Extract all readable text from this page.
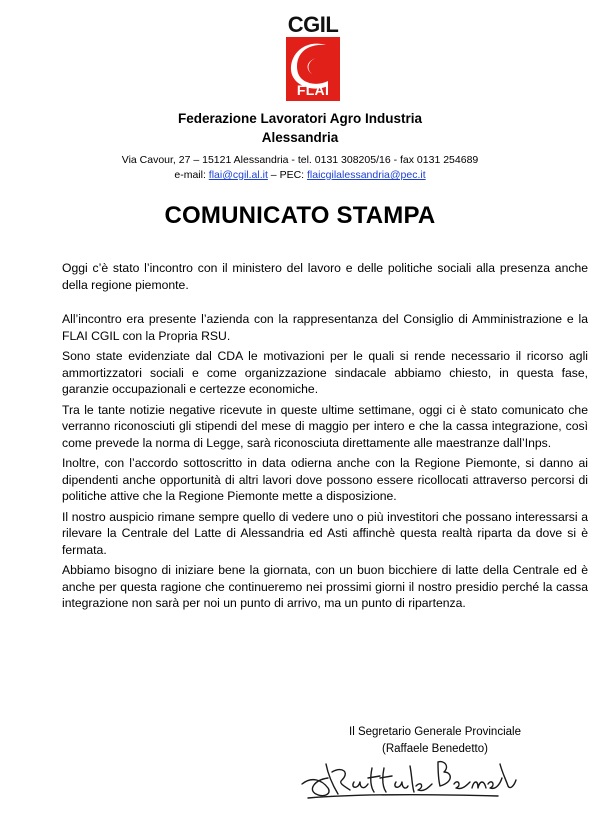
CGIL
FLAI
Federazione Lavoratori Agro Industria
Alessandria
Via Cavour, 27 – 15121 Alessandria - tel. 0131 308205/16 - fax 0131 254689
e-mail: flai@cgil.al.it – PEC: flaicgilalessandria@pec.it
COMUNICATO STAMPA

Oggi c’è stato l’incontro con il ministero del lavoro e delle politiche sociali alla presenza anche della regione piemonte.

All’incontro era presente l’azienda con la rappresentanza del Consiglio di Amministrazione e la FLAI CGIL con la Propria RSU.

Sono state evidenziate dal CDA le motivazioni per le quali si rende necessario il ricorso agli ammortizzatori sociali e come organizzazione sindacale abbiamo chiesto, in questa fase, garanzie occupazionali e certezze economiche.

Tra le tante notizie negative ricevute in queste ultime settimane, oggi ci è stato comunicato che verranno riconosciuti gli stipendi del mese di maggio per intero e che la cassa integrazione, così come prevede la norma di Legge, sarà riconosciuta direttamente alle maestranze dall’Inps.

Inoltre, con l’accordo sottoscritto in data odierna anche con la Regione Piemonte, si danno ai dipendenti anche opportunità di altri lavori dove possono essere ricollocati attraverso percorsi di politiche attive che la Regione Piemonte mette a disposizione.

Il nostro auspicio rimane sempre quello di vedere uno o più investitori che possano interessarsi a rilevare la Centrale del Latte di Alessandria ed Asti affinchè questa realtà riparta da dove si è fermata.

Abbiamo bisogno di iniziare bene la giornata, con un buon bicchiere di latte della Centrale ed è anche per questa ragione che continueremo nei prossimi giorni il nostro presidio perché la cassa integrazione non sarà per noi un punto di arrivo, ma un punto di ripartenza.

Il Segretario Generale Provinciale
(Raffaele Benedetto)
